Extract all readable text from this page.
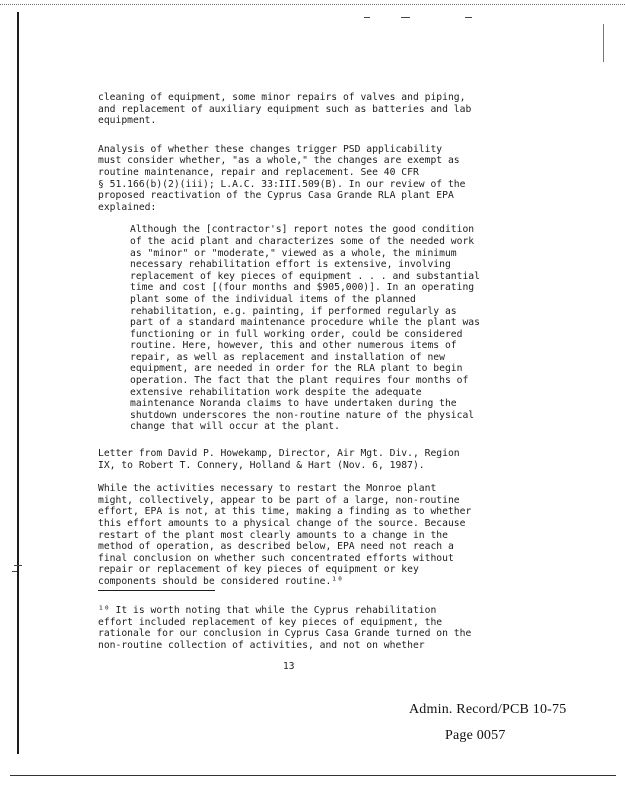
cleaning of equipment, some minor repairs of valves and piping,
and replacement of auxiliary equipment such as batteries and lab
equipment.

Analysis of whether these changes trigger PSD applicability
must consider whether, "as a whole," the changes are exempt as
routine maintenance, repair and replacement. See 40 CFR
§ 51.166(b)(2)(iii); L.A.C. 33:III.509(B). In our review of the
proposed reactivation of the Cyprus Casa Grande RLA plant EPA
explained:

Although the [contractor's] report notes the good condition
of the acid plant and characterizes some of the needed work
as "minor" or "moderate," viewed as a whole, the minimum
necessary rehabilitation effort is extensive, involving
replacement of key pieces of equipment . . . and substantial
time and cost [(four months and $905,000)]. In an operating
plant some of the individual items of the planned
rehabilitation, e.g. painting, if performed regularly as
part of a standard maintenance procedure while the plant was
functioning or in full working order, could be considered
routine. Here, however, this and other numerous items of
repair, as well as replacement and installation of new
equipment, are needed in order for the RLA plant to begin
operation. The fact that the plant requires four months of
extensive rehabilitation work despite the adequate
maintenance Noranda claims to have undertaken during the
shutdown underscores the non-routine nature of the physical
change that will occur at the plant.

Letter from David P. Howekamp, Director, Air Mgt. Div., Region
IX, to Robert T. Connery, Holland & Hart (Nov. 6, 1987).

While the activities necessary to restart the Monroe plant
might, collectively, appear to be part of a large, non-routine
effort, EPA is not, at this time, making a finding as to whether
this effort amounts to a physical change of the source. Because
restart of the plant most clearly amounts to a change in the
method of operation, as described below, EPA need not reach a
final conclusion on whether such concentrated efforts without
repair or replacement of key pieces of equipment or key
components should be considered routine.¹⁰

¹⁰ It is worth noting that while the Cyprus rehabilitation
effort included replacement of key pieces of equipment, the
rationale for our conclusion in Cyprus Casa Grande turned on the
non-routine collection of activities, and not on whether

13

Admin. Record/PCB 10-75
Page 0057
